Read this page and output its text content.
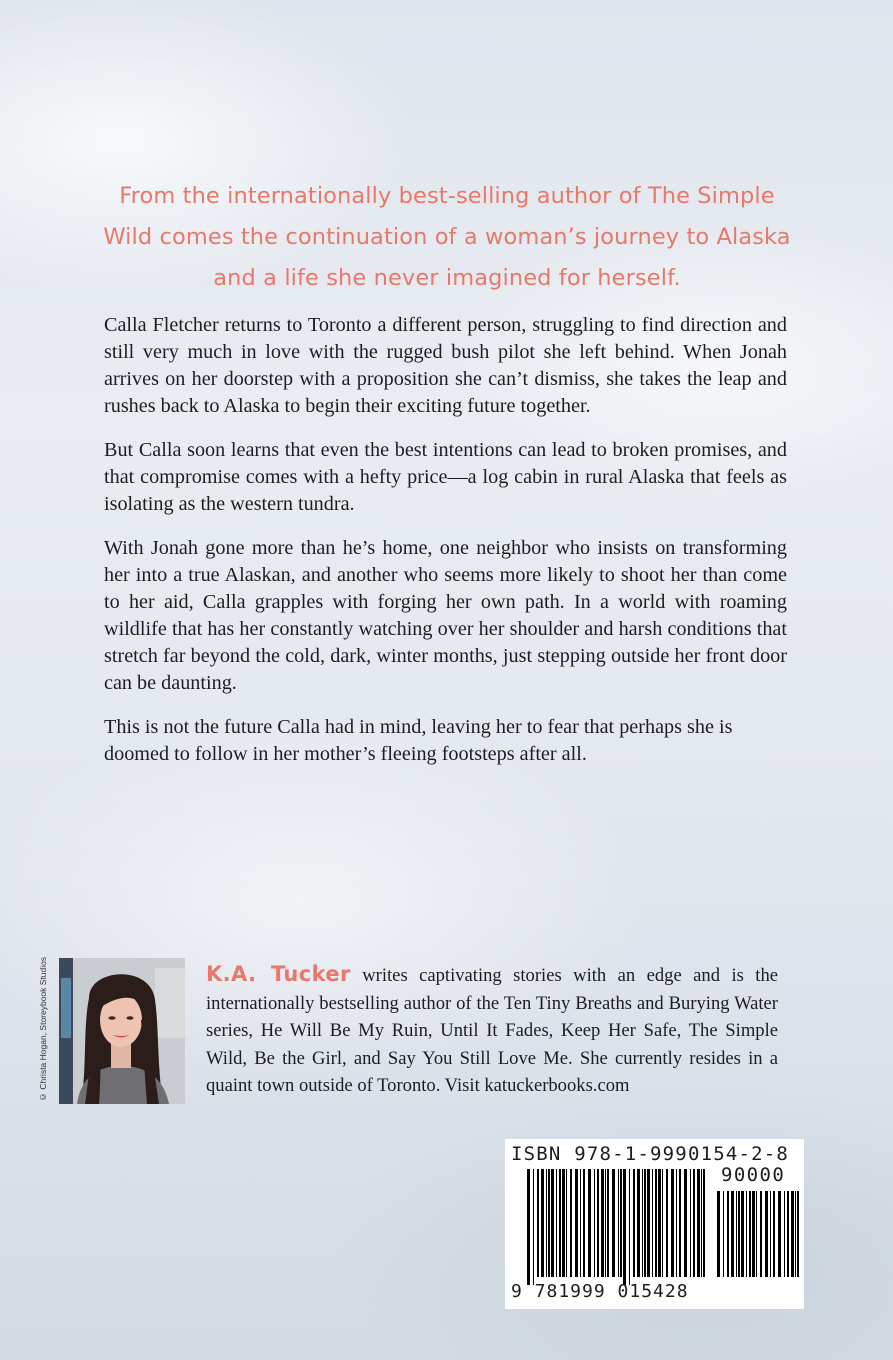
From the internationally best-selling author of The Simple Wild comes the continuation of a woman’s journey to Alaska and a life she never imagined for herself.

Calla Fletcher returns to Toronto a different person, struggling to find direction and still very much in love with the rugged bush pilot she left behind. When Jonah arrives on her doorstep with a proposition she can’t dismiss, she takes the leap and rushes back to Alaska to begin their exciting future together.

But Calla soon learns that even the best intentions can lead to broken promises, and that compromise comes with a hefty price—a log cabin in rural Alaska that feels as isolating as the western tundra.

With Jonah gone more than he’s home, one neighbor who insists on transforming her into a true Alaskan, and another who seems more likely to shoot her than come to her aid, Calla grapples with forging her own path. In a world with roaming wildlife that has her constantly watching over her shoulder and harsh conditions that stretch far beyond the cold, dark, winter months, just stepping outside her front door can be daunting.

This is not the future Calla had in mind, leaving her to fear that perhaps she is doomed to follow in her mother’s fleeing footsteps after all.

© Christa Hogan, Storeybook Studios	K.A. Tucker writes captivating stories with an edge and is the internationally bestselling author of the Ten Tiny Breaths and Burying Water series, He Will Be My Ruin, Until It Fades, Keep Her Safe, The Simple Wild, Be the Girl, and Say You Still Love Me. She currently resides in a quaint town outside of Toronto. Visit katuckerbooks.com
ISBN 978-1-9990154-2-8
90000
9 781999 015428
